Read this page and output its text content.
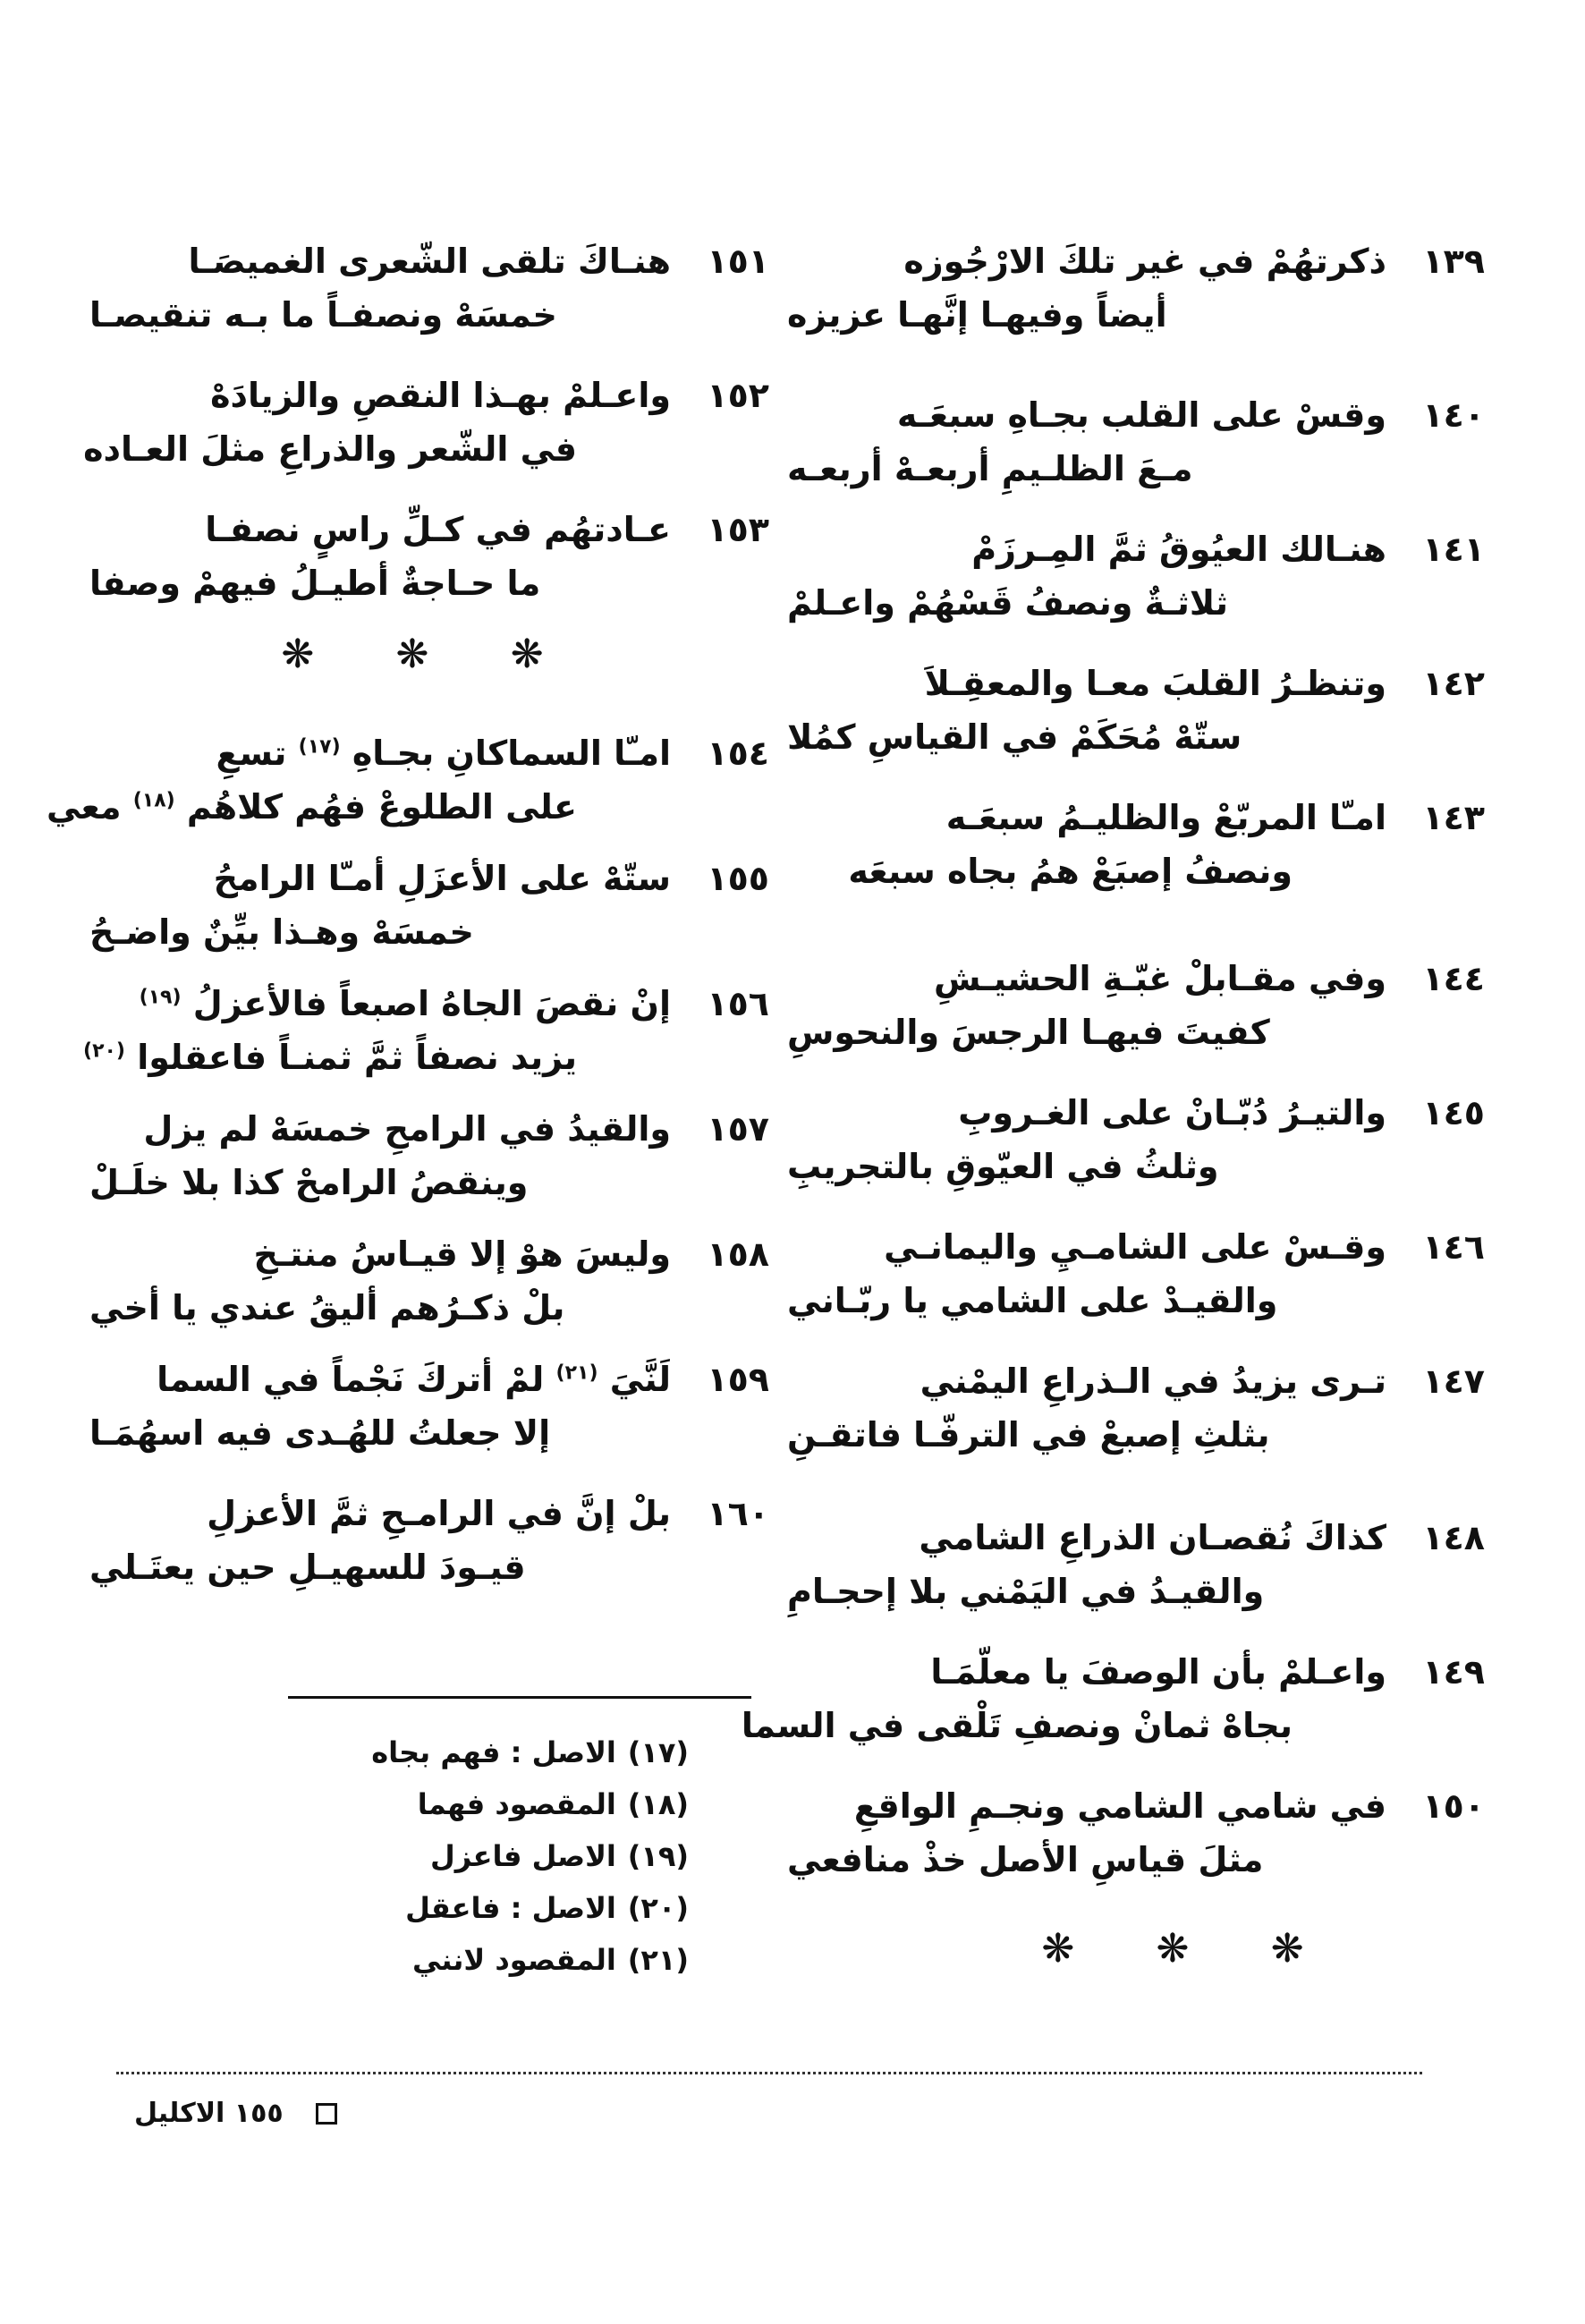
١٣٩
ذكرتهُمْ في غير تلكَ الارْجُوزه
أيضاً وفيهـا إنَّهـا عزيزه
١٤٠
وقسْ على القلب بجـاهِ سبعَـه
مـعَ الظلـيمِ أربعـهْ أربعـه
١٤١
هنـالك العيُوقُ ثمَّ المِـرزَمْ
ثلاثـةٌ ونصفُ قَسْهُمْ واعـلمْ
١٤٢
وتنظـرُ القلبَ معـا والمعقِـلاَ
ستّهْ مُحَكَمْ في القياسِ كمُلا
١٤٣
امـّا المربّعْ والظليـمُ سبعَـه
ونصفُ إصبَعْ همُ بجاه سبعَه
١٤٤
وفي مقـابلْ غبّـةِ الحشيـشِ
كفيتَ فيهـا الرجسَ والنحوسِ
١٤٥
والتيـرُ دُبّـانْ على الغـروبِ
وثلثُ في العيّوقِ بالتجريبِ
١٤٦
وقـسْ على الشامـيِ واليمانـي
والقيـدْ على الشامي يا ربّـاني
١٤٧
تـرى يزيدُ في الـذراعِ اليمْني
بثلثِ إصبعْ في الترفّـا فاتقـنِ
١٤٨
كذاكَ نُقصـان الذراعِ الشامي
والقيـدُ في اليَمْني بلا إحجـامِ
١٤٩
واعـلمْ بأن الوصفَ يا معلّمَـا
بجاهْ ثمانْ ونصفِ تَلْقى في السما
١٥٠
في شامي الشامي ونجـمِ الواقعِ
مثلَ قياسِ الأصل خذْ منافعي
❋ ❋ ❋
١٥١
هنـاكَ تلقى الشّعرى الغميصَـا
خمسَهْ ونصفـاً ما بـه تنقيصـا
١٥٢
واعـلمْ بهـذا النقصِ والزيادَهْ
في الشّعر والذراعِ مثلَ العـاده
١٥٣
عـادتهُم في كـلِّ راسٍ نصفـا
ما حـاجةٌ أطيـلُ فيهمْ وصفا
❋ ❋ ❋
١٥٤
امـّا السماكانِ بجـاهِ $^{(١٧)}$ تسعِ
على الطلوعْ فهُم كلاهُم $^{(١٨)}$ معي
١٥٥
ستّهْ على الأعزَلِ أمـّا الرامحُ
خمسَهْ وهـذا بيِّنٌ واضـحُ
١٥٦
إنْ نقصَ الجاهُ اصبعاً فالأعزلُ $^{(١٩)}$
يزيد نصفاً ثمَّ ثمنـاً فاعقلوا $^{(٢٠)}$
١٥٧
والقيدُ في الرامحِ خمسَهْ لم يزل
وينقصُ الرامحْ كذا بلا خلَـلْ
١٥٨
وليسَ هوْ إلا قيـاسُ منتـخِ
بلْ ذكـرُهم أليقُ عندي يا أخي
١٥٩
لَنَّيَ $^{(٢١)}$ لمْ أتركَ نَجْماً في السما
إلا جعلتُ للهُـدى فيه اسهُمَـا
١٦٠
بلْ إنَّ في الرامـحِ ثمَّ الأعزلِ
قيـودَ للسهيـلِ حين يعتَـلي
(١٧) الاصل : فهم بجاه
(١٨) المقصود فهما
(١٩) الاصل فاعزل
(٢٠) الاصل : فاعقل
(٢١) المقصود لانني
١٥٥ الاكليل
